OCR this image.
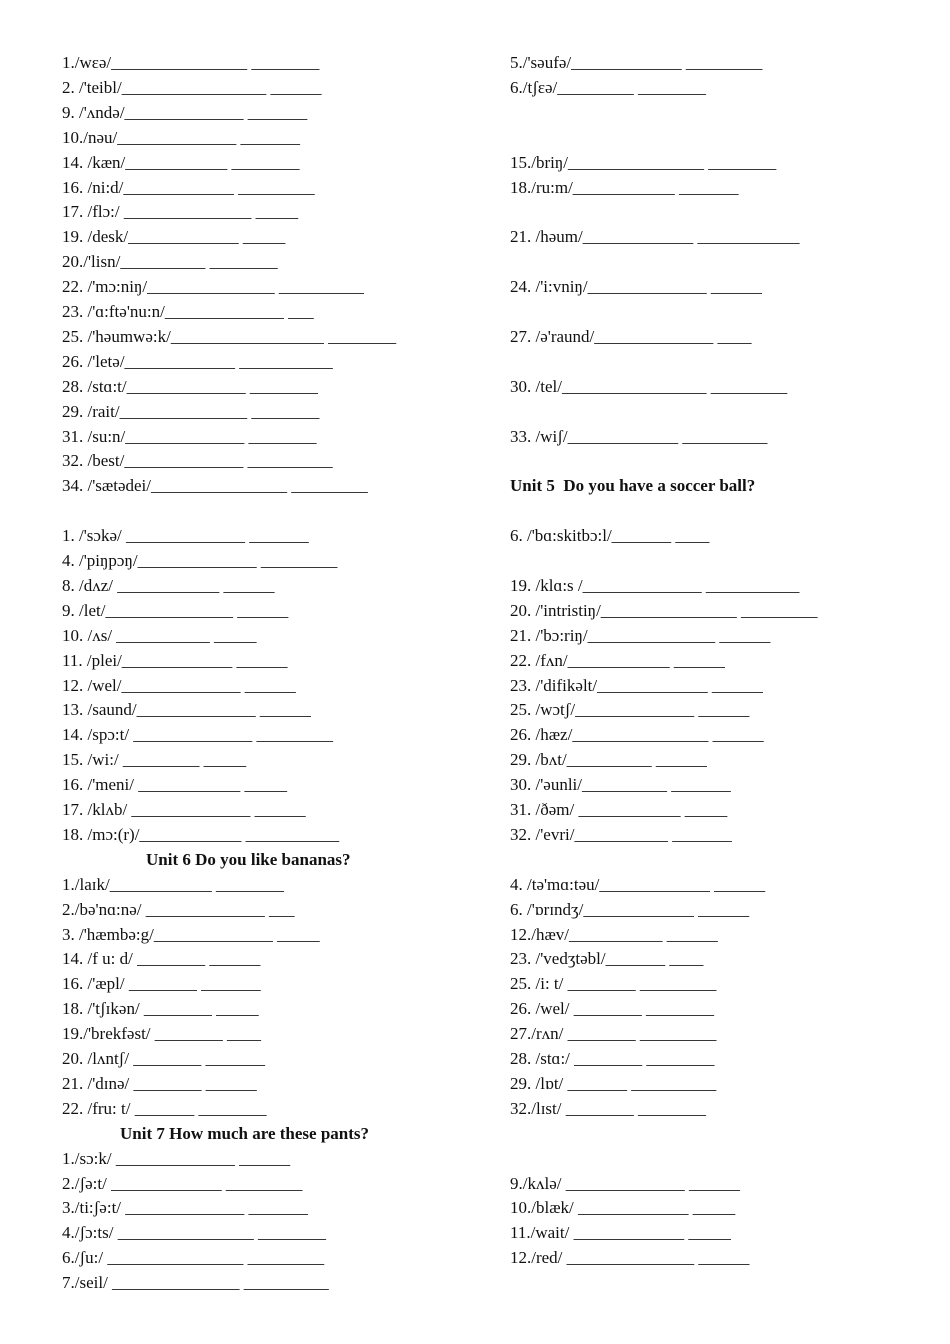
1./wɛə/________________ ________	5./'səufə/_____________ _________
2. /'teibl/_________________ ______	6./tʃɛə/_________ ________
9. /'ʌndə/______________ _______
10./nəu/______________ _______
14. /kæn/____________ ________	15./briŋ/________________ ________
16. /ni:d/_____________ _________	18./ru:m/____________ _______
17. /flɔ:/ _______________ _____
19. /desk/_____________ _____	21. /həum/_____________ ____________
20./'lisn/__________ ________
22. /'mɔ:niŋ/_______________ __________	24. /'i:vniŋ/______________ ______
23. /'ɑ:ftə'nu:n/______________ ___
25. /'həumwə:k/__________________ ________	27. /ə'raund/______________ ____
26. /'letə/_____________ ___________
28. /stɑ:t/______________ ________	30. /tel/_________________ _________
29. /rait/_______________ ________
31. /su:n/______________ ________	33. /wiʃ/_____________ __________
32. /best/______________ __________
34. /'sætədei/________________ _________	Unit 5  Do you have a soccer ball?
1. /'sɔkə/ ______________ _______	6. /'bɑ:skitbɔ:l/_______ ____
4. /'piŋpɔŋ/______________ _________
8. /dʌz/ ____________ ______	19. /klɑ:s /______________ ___________
9. /let/_______________ ______	20. /'intristiŋ/________________ _________
10. /ʌs/ ___________ _____	21. /'bɔ:riŋ/_______________ ______
11. /plei/_____________ ______	22. /fʌn/____________ ______
12. /wel/______________ ______	23. /'difikəlt/_____________ ______
13. /saund/______________ ______	25. /wɔtʃ/______________ ______
14. /spɔ:t/ ______________ _________	26. /hæz/________________ ______
15. /wi:/ _________ _____	29. /bʌt/__________ ______
16. /'meni/ ____________ _____	30. /'əunli/__________ _______
17. /klʌb/ ______________ ______	31. /ðəm/ ____________ _____
18. /mɔ:(r)/____________ ___________	32. /'evri/___________ _______
Unit 6 Do you like bananas?
1./laɪk/____________ ________	4. /tə'mɑ:təu/_____________ ______
2./bə'nɑ:nə/ ______________ ___	6. /'ɒrɪndʒ/_____________ ______
3. /'hæmbə:g/______________ _____	12./hæv/___________ ______
14. /f u: d/ ________ ______	23. /'vedʒtəbl/_______ ____
16. /'æpl/ ________ _______	25. /i: t/ ________ _________
18. /'tʃɪkən/ ________ _____	26. /wel/ ________ ________
19./'brekfəst/ ________ ____	27./rʌn/ ________ _________
20. /lʌntʃ/ ________ _______	28. /stɑ:/ ________ ________
21. /'dɪnə/ ________ ______	29. /lɒt/ _______ __________
22. /fru: t/ _______ ________	32./lɪst/ ________ ________
Unit 7 How much are these pants?
1./sɔ:k/ ______________ ______
2./ʃə:t/ _____________ _________	9./kʌlə/ ______________ ______
3./ti:ʃə:t/ ______________ _______	10./blæk/ _____________ _____
4./ʃɔ:ts/ ________________ ________	11./wait/ _____________ _____
6./ʃu:/ ________________ _________	12./red/ _______________ ______
7./seil/ _______________ __________
